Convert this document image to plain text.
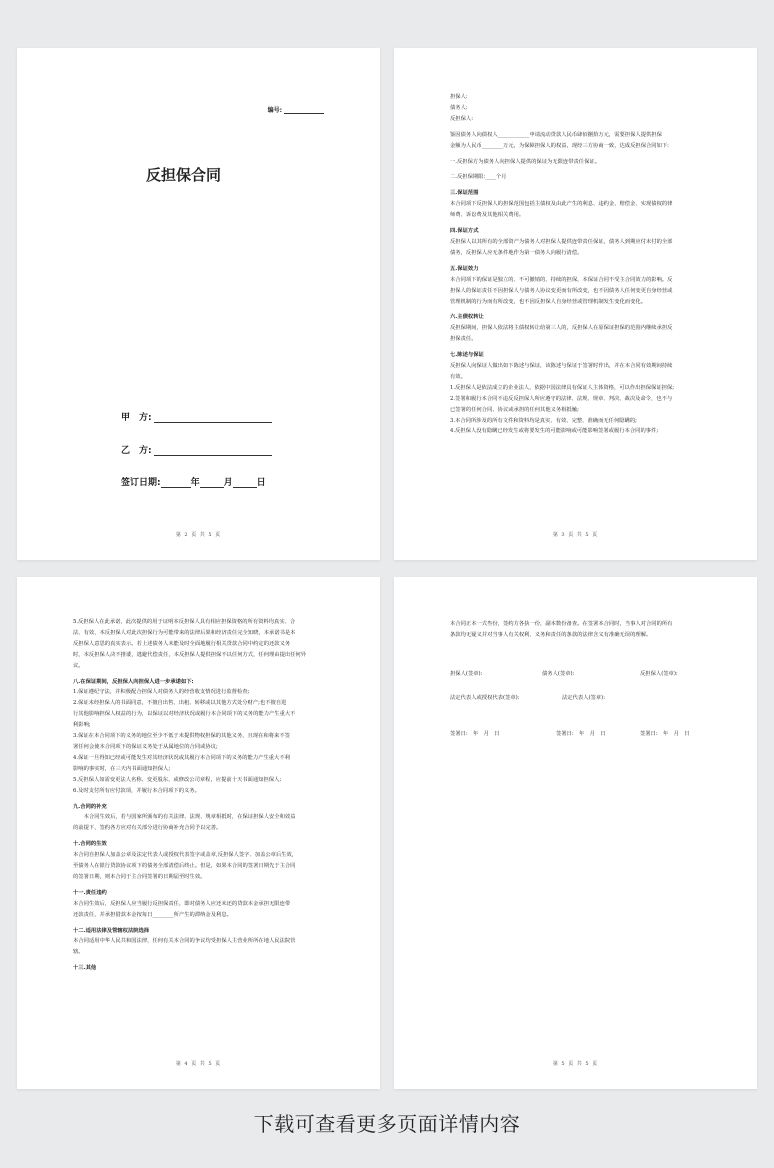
编号:
反担保合同
甲　方:
乙　方:
签订日期:	年	月	日
第 2 页 共 5 页

担保人:

债务人:

反担保人:

鉴因债务人向债权人____________申请流动贷款人民币肆佰捌拾万元，需要担保人提供担保

金额为人民币________万元，为保障担保人的权益，现经三方协商一致，达成反担保合同如下:

一.反担保方为债务人向担保人提供的保证为无限连带责任保证。

二.反担保期限:____个月

三.保证范围

本合同项下反担保人的担保范围包括主债权及由此产生的利息、违约金、赔偿金、实现债权的律

师费、诉讼费及其他相关费用。

四.保证方式

反担保人以其所有的全部资产为债务人对担保人提供连带责任保证，债务人到期应付未付的全部

债务，反担保人应无条件地作为第一债务人向履行清偿。

五.保证效力

本合同项下的保证是独立的、不可撤销的、持续的担保，本保证合同不受主合同效力的影响。反

担保人的保证责任不因担保人与债务人协议变更而有所改变，也不因债务人任何变更自身经营或

管理机制的行为而有所改变，也不因反担保人自身经营或管理机制发生变化而变化。

六.主债权转让

反担保期间，担保人依法将主债权转让给第三人的，反担保人在原保证担保的范围内继续承担反

担保责任。

七.陈述与保证

反担保人向保证人做出如下陈述与保证，该陈述与保证于签署时作出，并在本合同有效期间持续

有效。

1.反担保人是依法成立的企业法人，依据中国法律具有保证人主体资格，可以作出担保保证担保;

2.签署和履行本合同不违反反担保人所应遵守的法律、法规、规章、判决、裁决及命令，也不与

已签署的任何合同、协议或承担的任何其他义务相抵触;

3.本合同所涉及的所有文件和资料均是真实、有效、完整、准确而无任何隐瞒的;

4.反担保人没有隐瞒已经发生或将要发生的可能影响或可能影响签署或履行本合同的事件;

第 3 页 共 5 页

5.反担保人在此承诺，此次提供的用于证明本反担保人具有相应担保资格的所有资料均真实、合

法、有效，本反担保人对此次担保行为可能带来的法律后果和经济责任完全知晓，本承诺书是本

反担保人意思的真实表示。若上述债务人未能及时全面地履行相关贷款合同中约定的还款义务

时，本反担保人决不推诿，逃避代偿责任，本反担保人提供担保不以任何方式，任何理由提出任何异

议。

八.在保证期间，反担保人向担保人进一步承诺如下:

1.保证遵纪守法，并积极配合担保人对债务人的经营收支情况进行监督检查;

2.保证未经担保人的书面同意，不擅自出售、出租、转移或以其他方式处分财产;也不擅自进

行其他影响担保人权益的行为，以保证以对经济状况或履行本合同项下的义务的能力产生重大不

利影响;

3.保证在本合同项下的义务的地位至少不低于未提供物权担保的其他义务，且现在和将来不签

署任何会使本合同项下的保证义务处于从属地位的合同或协议;

4.保证一旦得知已经或可能发生对其经济状况或其履行本合同项下的义务的能力产生重大不利

影响的事实时，在三天内书面通知担保人;

5.反担保人如需变更法人名称、变更股东、或修改公司章程，应提前十天书面通知担保人;

6.及时支付所有应付款项，并履行本合同项下的义务。

九.合同的补充

　　本合同生效后，若与国家所颁布的有关法律、法规、规章相抵时，在保证担保人安全和效益

的前提下，签约各方应对有关部分进行协商补充合同予以完善。

十.合同的生效

本合同自担保人加盖公章及法定代表人或授权代表签字或盖章,反担保人签字、加盖公章后生效,

至债务人在银行贷款协议项下的债务全部清偿后终止。但是，如果本合同的签署日期先于主合同

的签署日期，则本合同于主合同签署的日期届至时生效。

十一.责任违约

本合同生效后，反担保人应当履行反担保责任，即对债务人应还未还的贷款本金承担无限连带

还款责任，并承担借款本金按每日________所产生的滞纳金及利息。

十二.适用法律及管辖权法院选择

本合同适用中华人民共和国法律，任何有关本合同的争议均受担保人主营业所所在地人民法院管

辖。

十三.其他

第 4 页 共 5 页

本合同正本一式叁份，签约方各执一份，副本数份备查。在签署本合同时，当事人对合同的所有

条款均无疑义并对当事人有关权利、义务和责任的条款的法律含义有准确无误的理解。

担保人(签章):	债务人(签章):	反担保人(签章):
法定代表人或授权代表(签章):	法定代表人(签章):
签署日:　年　月　日	签署日:　年　月　日	签署日:　年　月　日
第 5 页 共 5 页
下载可查看更多页面详情内容
